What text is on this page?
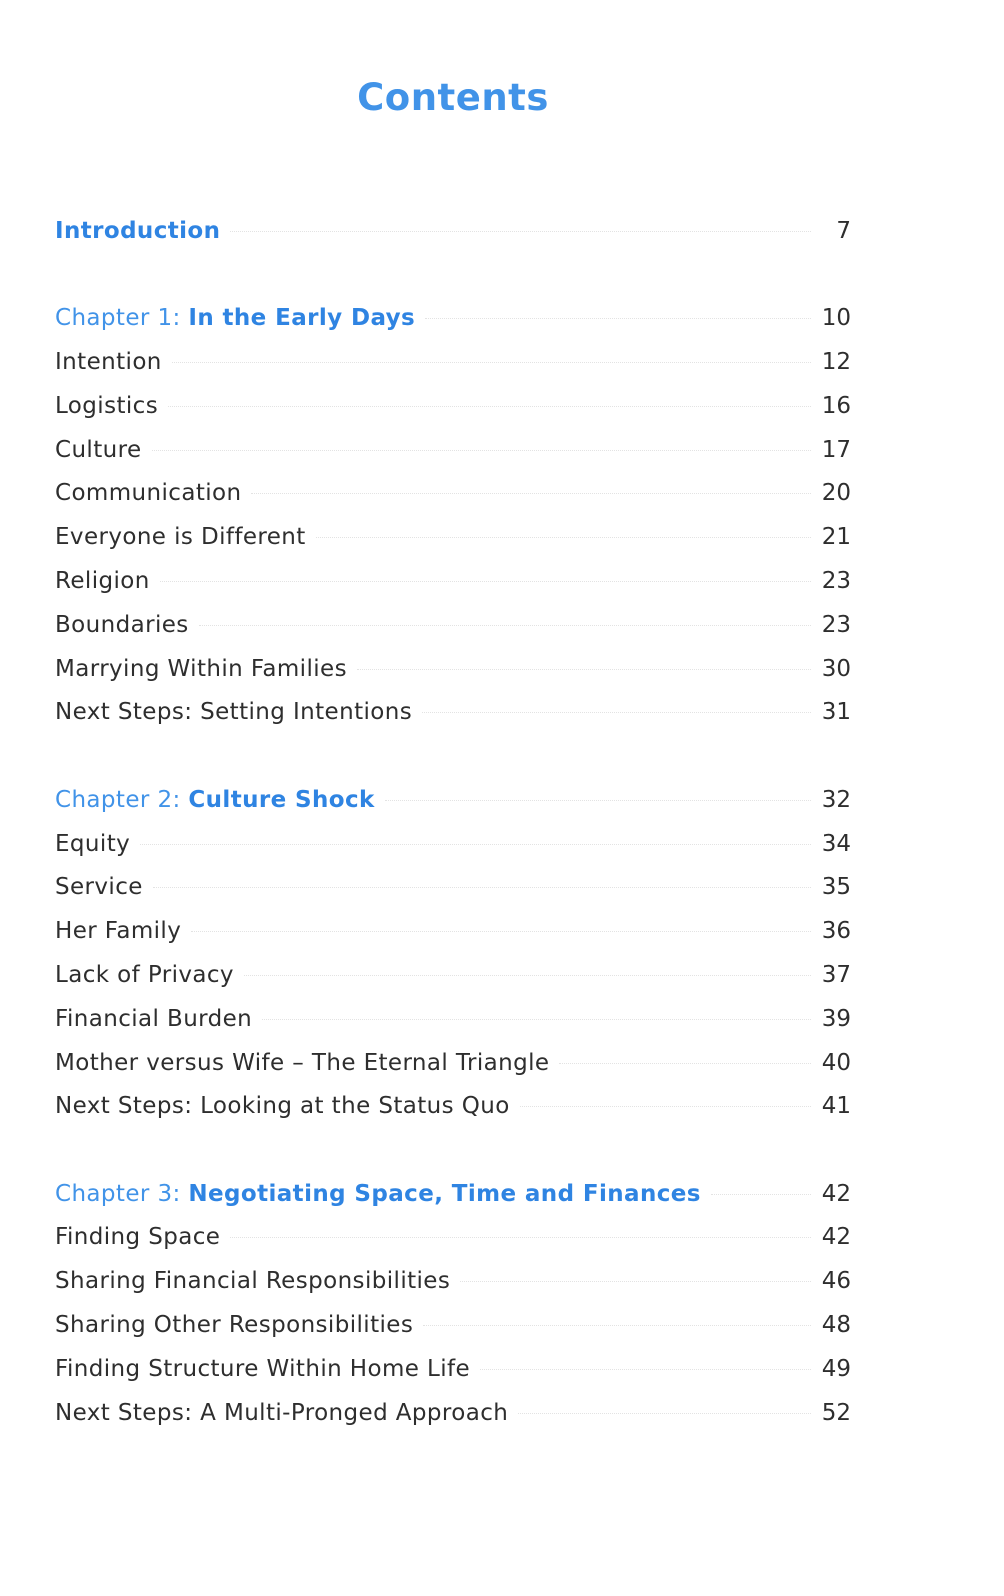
Contents
Introduction	7
Chapter 1: In the Early Days	10
Intention	12
Logistics	16
Culture	17
Communication	20
Everyone is Different	21
Religion	23
Boundaries	23
Marrying Within Families	30
Next Steps: Setting Intentions	31
Chapter 2: Culture Shock	32
Equity	34
Service	35
Her Family	36
Lack of Privacy	37
Financial Burden	39
Mother versus Wife – The Eternal Triangle	40
Next Steps: Looking at the Status Quo	41
Chapter 3: Negotiating Space, Time and Finances	42
Finding Space	42
Sharing Financial Responsibilities	46
Sharing Other Responsibilities	48
Finding Structure Within Home Life	49
Next Steps: A Multi-Pronged Approach	52
